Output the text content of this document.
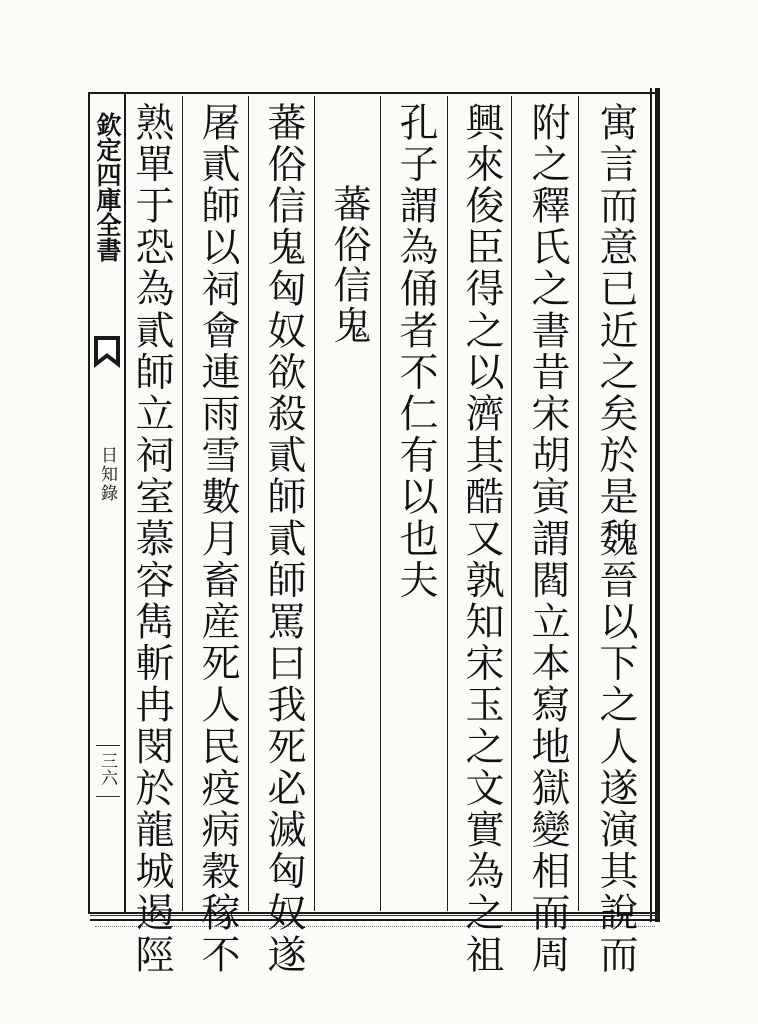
欽定四庫全書
日知錄
三六	寓言而意已近之矣於是魏晉以下之人遂演其說而
附之釋氏之書昔宋胡寅謂閻立本寫地獄變相而周
興來俊臣得之以濟其酷又孰知宋玉之文實為之祖
孔子謂為俑者不仁有以也夫
蕃俗信鬼
蕃俗信鬼匈奴欲殺貳師貳師罵曰我死必滅匈奴遂
屠貳師以祠會連雨雪數月畜産死人民疫病穀稼不
熟單于恐為貳師立祠室慕容雋斬冉閔於龍城遏陘
